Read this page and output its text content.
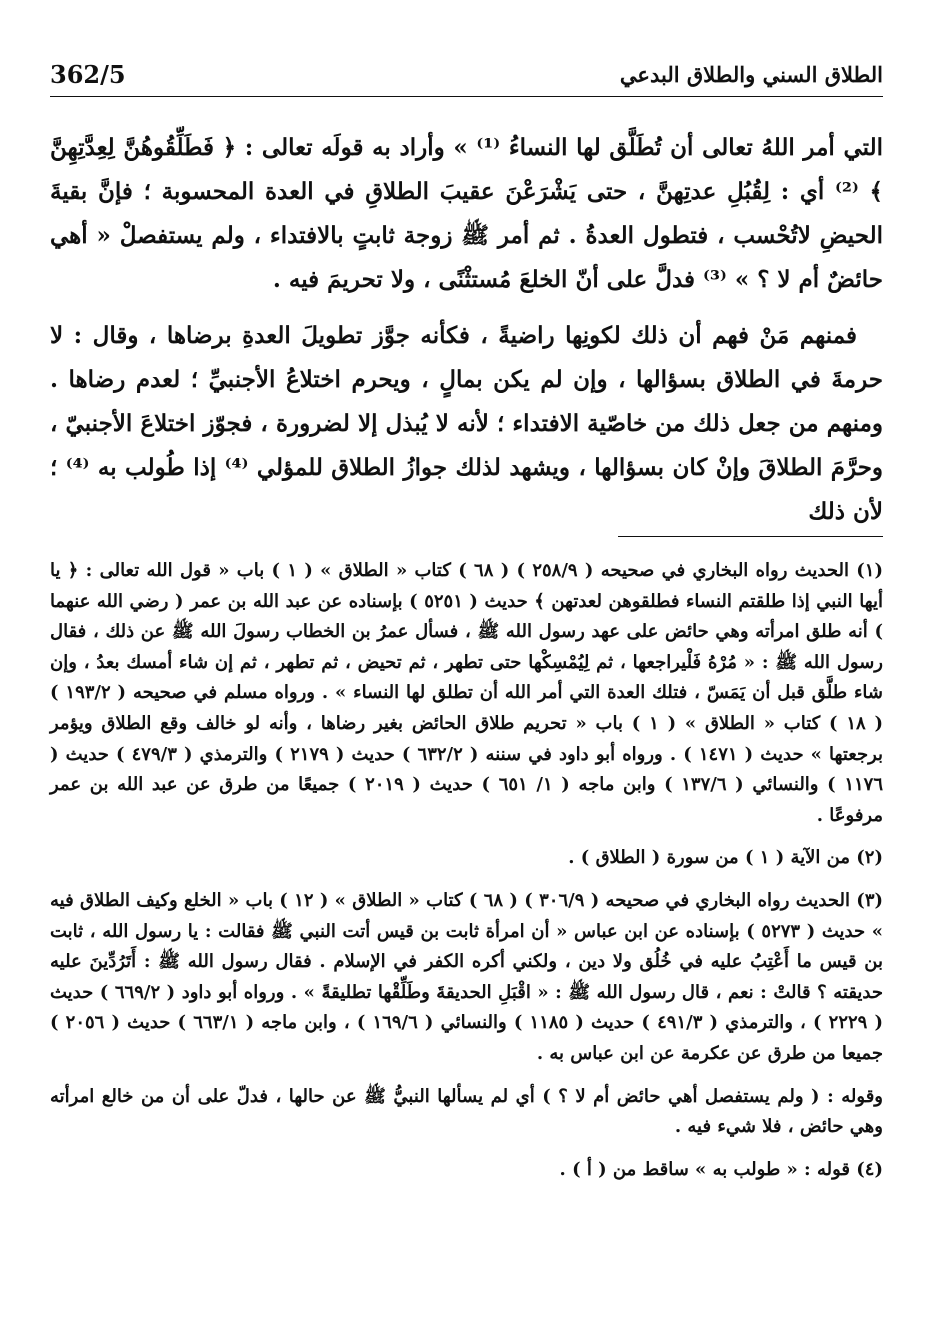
362/5	الطلاق السني والطلاق البدعي

التي أمر اللهُ تعالى أن تُطَلَّق لها النساءُ ⁽¹⁾ » وأراد به قولَه تعالى : ﴿ فَطَلِّقُوهُنَّ لِعِدَّتِهِنَّ ﴾ ⁽²⁾ أي : لِقُبُلِ عدتِهنَّ ، حتى يَشْرَعْنَ عقيبَ الطلاقِ في العدة المحسوبة ؛ فإنَّ بقيةَ الحيضِ لاتُحْسب ، فتطول العدةُ . ثم أمر ﷺ زوجة ثابتٍ بالافتداء ، ولم يستفصلْ « أهي حائضٌ أم لا ؟ » ⁽³⁾ فدلَّ على أنّ الخلعَ مُستثْنًى ، ولا تحريمَ فيه .

فمنهم مَنْ فهم أن ذلك لكونِها راضيةً ، فكأنه جوَّز تطويلَ العدةِ برضاها ، وقال : لا حرمةَ في الطلاق بسؤالها ، وإن لم يكن بمالٍ ، ويحرم اختلاعُ الأجنبيِّ ؛ لعدم رضاها . ومنهم من جعل ذلك من خاصّية الافتداء ؛ لأنه لا يُبذل إلا لضرورة ، فجوّز اختلاعَ الأجنبيّ ، وحرَّمَ الطلاقَ وإنْ كان بسؤالها ، ويشهد لذلك جوازُ الطلاق للمؤلي ⁽⁴⁾ إذا طُولب به ⁽⁴⁾ ؛ لأن ذلك

(١) الحديث رواه البخاري في صحيحه ( ٢٥٨/٩ ) ( ٦٨ ) كتاب « الطلاق » ( ١ ) باب « قول الله تعالى : ﴿ يا أيها النبي إذا طلقتم النساء فطلقوهن لعدتهن ﴾ حديث ( ٥٢٥١ ) بإسناده عن عبد الله بن عمر ( رضي الله عنهما ) أنه طلق امرأته وهي حائض على عهد رسول الله ﷺ ، فسأل عمرُ بن الخطاب رسولَ الله ﷺ عن ذلك ، فقال رسول الله ﷺ : « مُرْهُ فَلْيراجعها ، ثم لِيُمْسِكْها حتى تطهر ، ثم تحيض ، ثم تطهر ، ثم إن شاء أمسك بعدُ ، وإن شاء طلَّق قبل أن يَمَسّ ، فتلك العدة التي أمر الله أن تطلق لها النساء » . ورواه مسلم في صحيحه ( ١٩٣/٢ ) ( ١٨ ) كتاب « الطلاق » ( ١ ) باب « تحريم طلاق الحائض بغير رضاها ، وأنه لو خالف وقع الطلاق ويؤمر برجعتها » حديث ( ١٤٧١ ) . ورواه أبو داود في سننه ( ٦٣٢/٢ ) حديث ( ٢١٧٩ ) والترمذي ( ٤٧٩/٣ ) حديث ( ١١٧٦ ) والنسائي ( ١٣٧/٦ ) وابن ماجه ( ١/ ٦٥١ ) حديث ( ٢٠١٩ ) جميعًا من طرق عن عبد الله بن عمر مرفوعًا .

(٢) من الآية ( ١ ) من سورة ( الطلاق ) .

(٣) الحديث رواه البخاري في صحيحه ( ٣٠٦/٩ ) ( ٦٨ ) كتاب « الطلاق » ( ١٢ ) باب « الخلع وكيف الطلاق فيه » حديث ( ٥٢٧٣ ) بإسناده عن ابن عباس « أن امرأة ثابت بن قيس أتت النبي ﷺ فقالت : يا رسول الله ، ثابت بن قيس ما أَعْتِبُ عليه في خُلُق ولا دين ، ولكني أكره الكفر في الإسلام . فقال رسول الله ﷺ : أَتَرُدِّينَ عليه حديقته ؟ قالتْ : نعم ، قال رسول الله ﷺ : « اقْبَلِ الحديقةَ وطَلِّقْها تطليقةً » . ورواه أبو داود ( ٦٦٩/٢ ) حديث ( ٢٢٢٩ ) ، والترمذي ( ٤٩١/٣ ) حديث ( ١١٨٥ ) والنسائي ( ١٦٩/٦ ) ، وابن ماجه ( ٦٦٣/١ ) حديث ( ٢٠٥٦ ) جميعا من طرق عن عكرمة عن ابن عباس به .

وقوله : ( ولم يستفصل أهي حائض أم لا ؟ ) أي لم يسألها النبيُّ ﷺ عن حالها ، فدلّ على أن من خالع امرأته وهي حائض ، فلا شيء فيه .

(٤) قوله : « طولب به » ساقط من ( أ ) .
